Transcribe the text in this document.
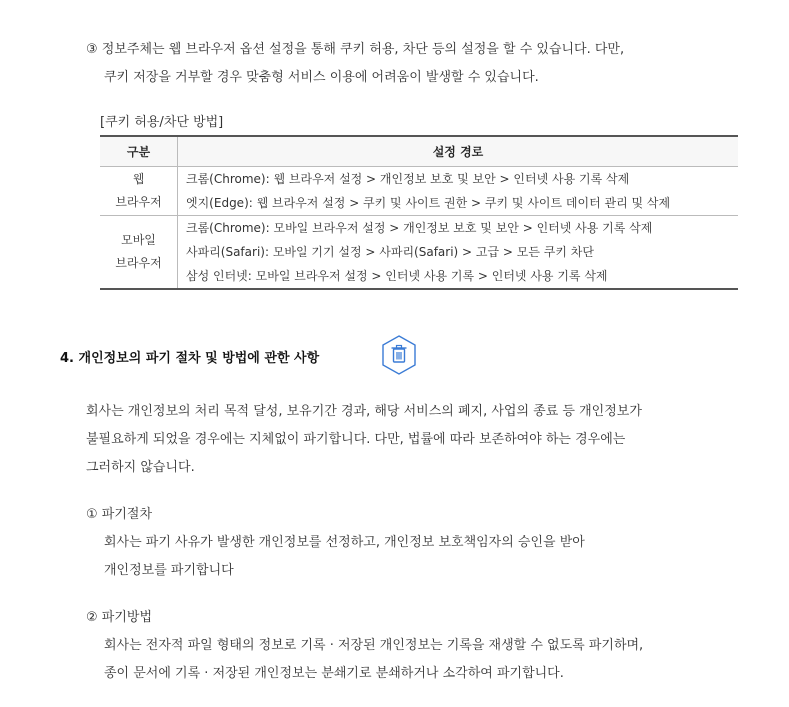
③ 정보주체는 웹 브라우저 옵션 설정을 통해 쿠키 허용, 차단 등의 설정을 할 수 있습니다. 다만,
쿠키 저장을 거부할 경우 맞춤형 서비스 이용에 어려움이 발생할 수 있습니다.
[쿠키 허용/차단 방법]
구분	설정 경로

웹
브라우저	크롬(Chrome): 웹 브라우저 설정 > 개인정보 보호 및 보안 > 인터넷 사용 기록 삭제
	엣지(Edge): 웹 브라우저 설정 > 쿠키 및 사이트 권한 > 쿠키 및 사이트 데이터 관리 및 삭제

모바일
브라우저	크롬(Chrome): 모바일 브라우저 설정 > 개인정보 보호 및 보안 > 인터넷 사용 기록 삭제
	사파리(Safari): 모바일 기기 설정 > 사파리(Safari) > 고급 > 모든 쿠키 차단
	삼성 인터넷: 모바일 브라우저 설정 > 인터넷 사용 기록 > 인터넷 사용 기록 삭제
4. 개인정보의 파기 절차 및 방법에 관한 사항
회사는 개인정보의 처리 목적 달성, 보유기간 경과, 해당 서비스의 폐지, 사업의 종료 등 개인정보가
불필요하게 되었을 경우에는 지체없이 파기합니다. 다만, 법률에 따라 보존하여야 하는 경우에는
그러하지 않습니다.
① 파기절차
회사는 파기 사유가 발생한 개인정보를 선정하고, 개인정보 보호책임자의 승인을 받아
개인정보를 파기합니다
② 파기방법
회사는 전자적 파일 형태의 정보로 기록 · 저장된 개인정보는 기록을 재생할 수 없도록 파기하며,
종이 문서에 기록 · 저장된 개인정보는 분쇄기로 분쇄하거나 소각하여 파기합니다.
